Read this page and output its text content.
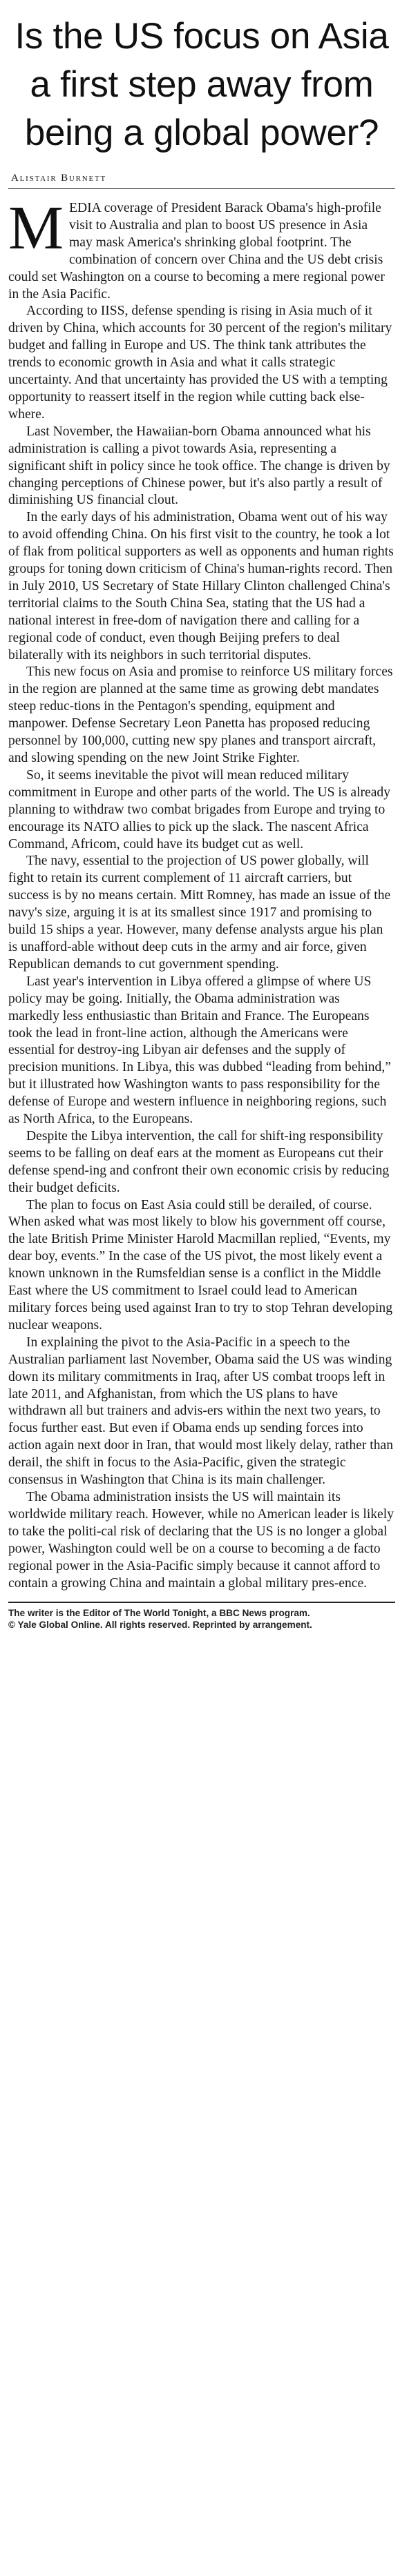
Is the US focus on Asia a first step away from being a global power?
Alistair Burnett

MEDIA coverage of President Barack Obama's high-profile visit to Australia and plan to boost US presence in Asia may mask America's shrinking global footprint. The combination of concern over China and the US debt crisis could set Washington on a course to becoming a mere regional power in the Asia Pacific.

According to IISS, defense spending is rising in Asia much of it driven by China, which accounts for 30 percent of the region's military budget and falling in Europe and US. The think tank attributes the trends to economic growth in Asia and what it calls strategic uncertainty. And that uncertainty has provided the US with a tempting opportunity to reassert itself in the region while cutting back else-where.

Last November, the Hawaiian-born Obama announced what his administration is calling a pivot towards Asia, representing a significant shift in policy since he took office. The change is driven by changing perceptions of Chinese power, but it's also partly a result of diminishing US financial clout.

In the early days of his administration, Obama went out of his way to avoid offending China. On his first visit to the country, he took a lot of flak from political supporters as well as opponents and human rights groups for toning down criticism of China's human-rights record. Then in July 2010, US Secretary of State Hillary Clinton challenged China's territorial claims to the South China Sea, stating that the US had a national interest in free-dom of navigation there and calling for a regional code of conduct, even though Beijing prefers to deal bilaterally with its neighbors in such territorial disputes.

This new focus on Asia and promise to reinforce US military forces in the region are planned at the same time as growing debt mandates steep reduc-tions in the Pentagon's spending, equipment and manpower. Defense Secretary Leon Panetta has proposed reducing personnel by 100,000, cutting new spy planes and transport aircraft, and slowing spending on the new Joint Strike Fighter.

So, it seems inevitable the pivot will mean reduced military commitment in Europe and other parts of the world. The US is already planning to withdraw two combat brigades from Europe and trying to encourage its NATO allies to pick up the slack. The nascent Africa Command, Africom, could have its budget cut as well.

The navy, essential to the projection of US power globally, will fight to retain its current complement of 11 aircraft carriers, but success is by no means certain. Mitt Romney, has made an issue of the navy's size, arguing it is at its smallest since 1917 and promising to build 15 ships a year. However, many defense analysts argue his plan is unafford-able without deep cuts in the army and air force, given Republican demands to cut government spending.

Last year's intervention in Libya offered a glimpse of where US policy may be going. Initially, the Obama administration was markedly less enthusiastic than Britain and France. The Europeans took the lead in front-line action, although the Americans were essential for destroy-ing Libyan air defenses and the supply of precision munitions. In Libya, this was dubbed “leading from behind,” but it illustrated how Washington wants to pass responsibility for the defense of Europe and western influence in neighboring regions, such as North Africa, to the Europeans.

Despite the Libya intervention, the call for shift-ing responsibility seems to be falling on deaf ears at the moment as Europeans cut their defense spend-ing and confront their own economic crisis by reducing their budget deficits.

The plan to focus on East Asia could still be derailed, of course. When asked what was most likely to blow his government off course, the late British Prime Minister Harold Macmillan replied, “Events, my dear boy, events.” In the case of the US pivot, the most likely event a known unknown in the Rumsfeldian sense is a conflict in the Middle East where the US commitment to Israel could lead to American military forces being used against Iran to try to stop Tehran developing nuclear weapons.

In explaining the pivot to the Asia-Pacific in a speech to the Australian parliament last November, Obama said the US was winding down its military commitments in Iraq, after US combat troops left in late 2011, and Afghanistan, from which the US plans to have withdrawn all but trainers and advis-ers within the next two years, to focus further east. But even if Obama ends up sending forces into action again next door in Iran, that would most likely delay, rather than derail, the shift in focus to the Asia-Pacific, given the strategic consensus in Washington that China is its main challenger.

The Obama administration insists the US will maintain its worldwide military reach. However, while no American leader is likely to take the politi-cal risk of declaring that the US is no longer a global power, Washington could well be on a course to becoming a de facto regional power in the Asia-Pacific simply because it cannot afford to contain a growing China and maintain a global military pres-ence.

The writer is the Editor of The World Tonight, a BBC News program.

© Yale Global Online. All rights reserved. Reprinted by arrangement.
